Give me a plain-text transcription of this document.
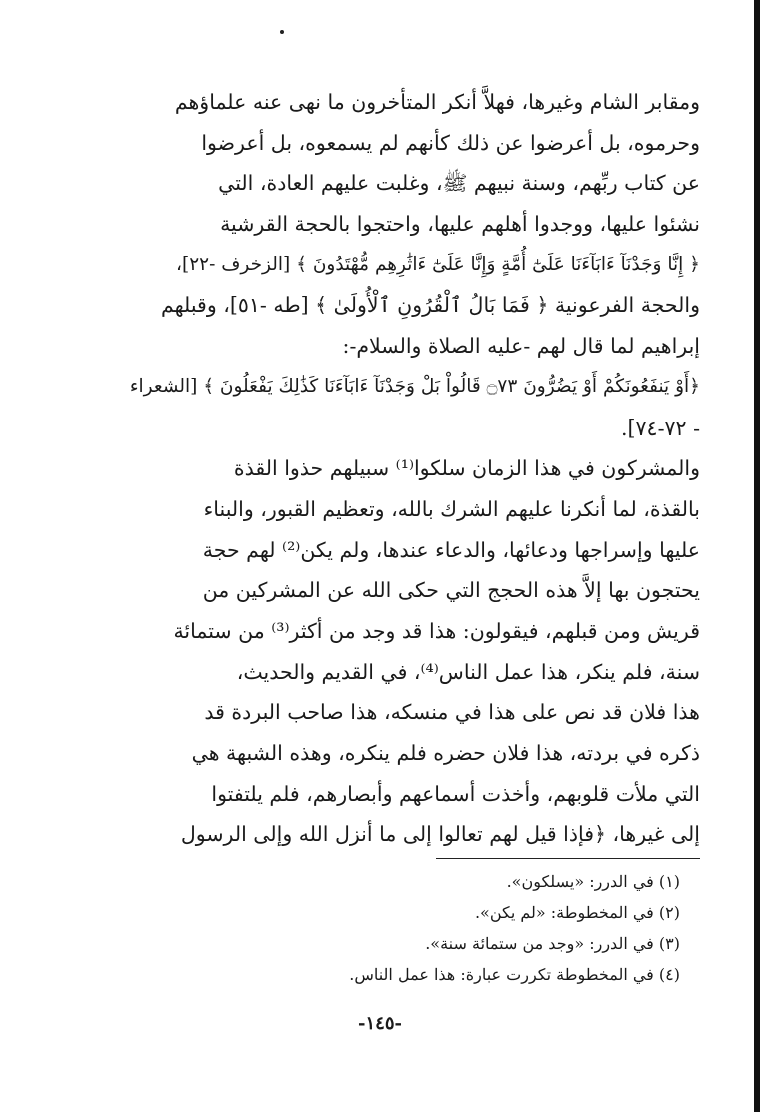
ومقابر الشام وغيرها، فهلاَّ أنكر المتأخرون ما نهى عنه علماؤهم
وحرموه، بل أعرضوا عن ذلك كأنهم لم يسمعوه، بل أعرضوا
عن كتاب ربِّهم، وسنة نبيهم ﷺ، وغلبت عليهم العادة، التي
نشئوا عليها، ووجدوا أهلهم عليها، واحتجوا بالحجة القرشية
﴿ إِنَّا وَجَدْنَآ ءَابَآءَنَا عَلَىٰٓ أُمَّةٍ وَإِنَّا عَلَىٰٓ ءَاثَٰرِهِم مُّهْتَدُونَ ﴾ [الزخرف -٢٢]،
والحجة الفرعونية ﴿ فَمَا بَالُ ٱلْقُرُونِ ٱلْأُولَىٰ ﴾ [طه -٥١]، وقبلهم
إبراهيم لما قال لهم -عليه الصلاة والسلام-:
﴿أَوْ يَنفَعُونَكُمْ أَوْ يَضُرُّونَ ۝٧٣ قَالُواْ بَلْ وَجَدْنَآ ءَابَآءَنَا كَذَٰلِكَ يَفْعَلُونَ ﴾ [الشعراء
- ٧٢-٧٤].
والمشركون في هذا الزمان سلكوا⁽¹⁾ سبيلهم حذوا القذة
بالقذة، لما أنكرنا عليهم الشرك بالله، وتعظيم القبور، والبناء
عليها وإسراجها ودعائها، والدعاء عندها، ولم يكن⁽²⁾ لهم حجة
يحتجون بها إلاَّ هذه الحجج التي حكى الله عن المشركين من
قريش ومن قبلهم، فيقولون: هذا قد وجد من أكثر⁽³⁾ من ستمائة
سنة، فلم ينكر، هذا عمل الناس⁽⁴⁾، في القديم والحديث،
هذا فلان قد نص على هذا في منسكه، هذا صاحب البردة قد
ذكره في بردته، هذا فلان حضره فلم ينكره، وهذه الشبهة هي
التي ملأت قلوبهم، وأخذت أسماعهم وأبصارهم، فلم يلتفتوا
إلى غيرها، ﴿فإذا قيل لهم تعالوا إلى ما أنزل الله وإلى الرسول
(١) في الدرر: «يسلكون».
(٢) في المخطوطة: «لم يكن».
(٣) في الدرر: «وجد من ستمائة سنة».
(٤) في المخطوطة تكررت عبارة: هذا عمل الناس.
-١٤٥-
